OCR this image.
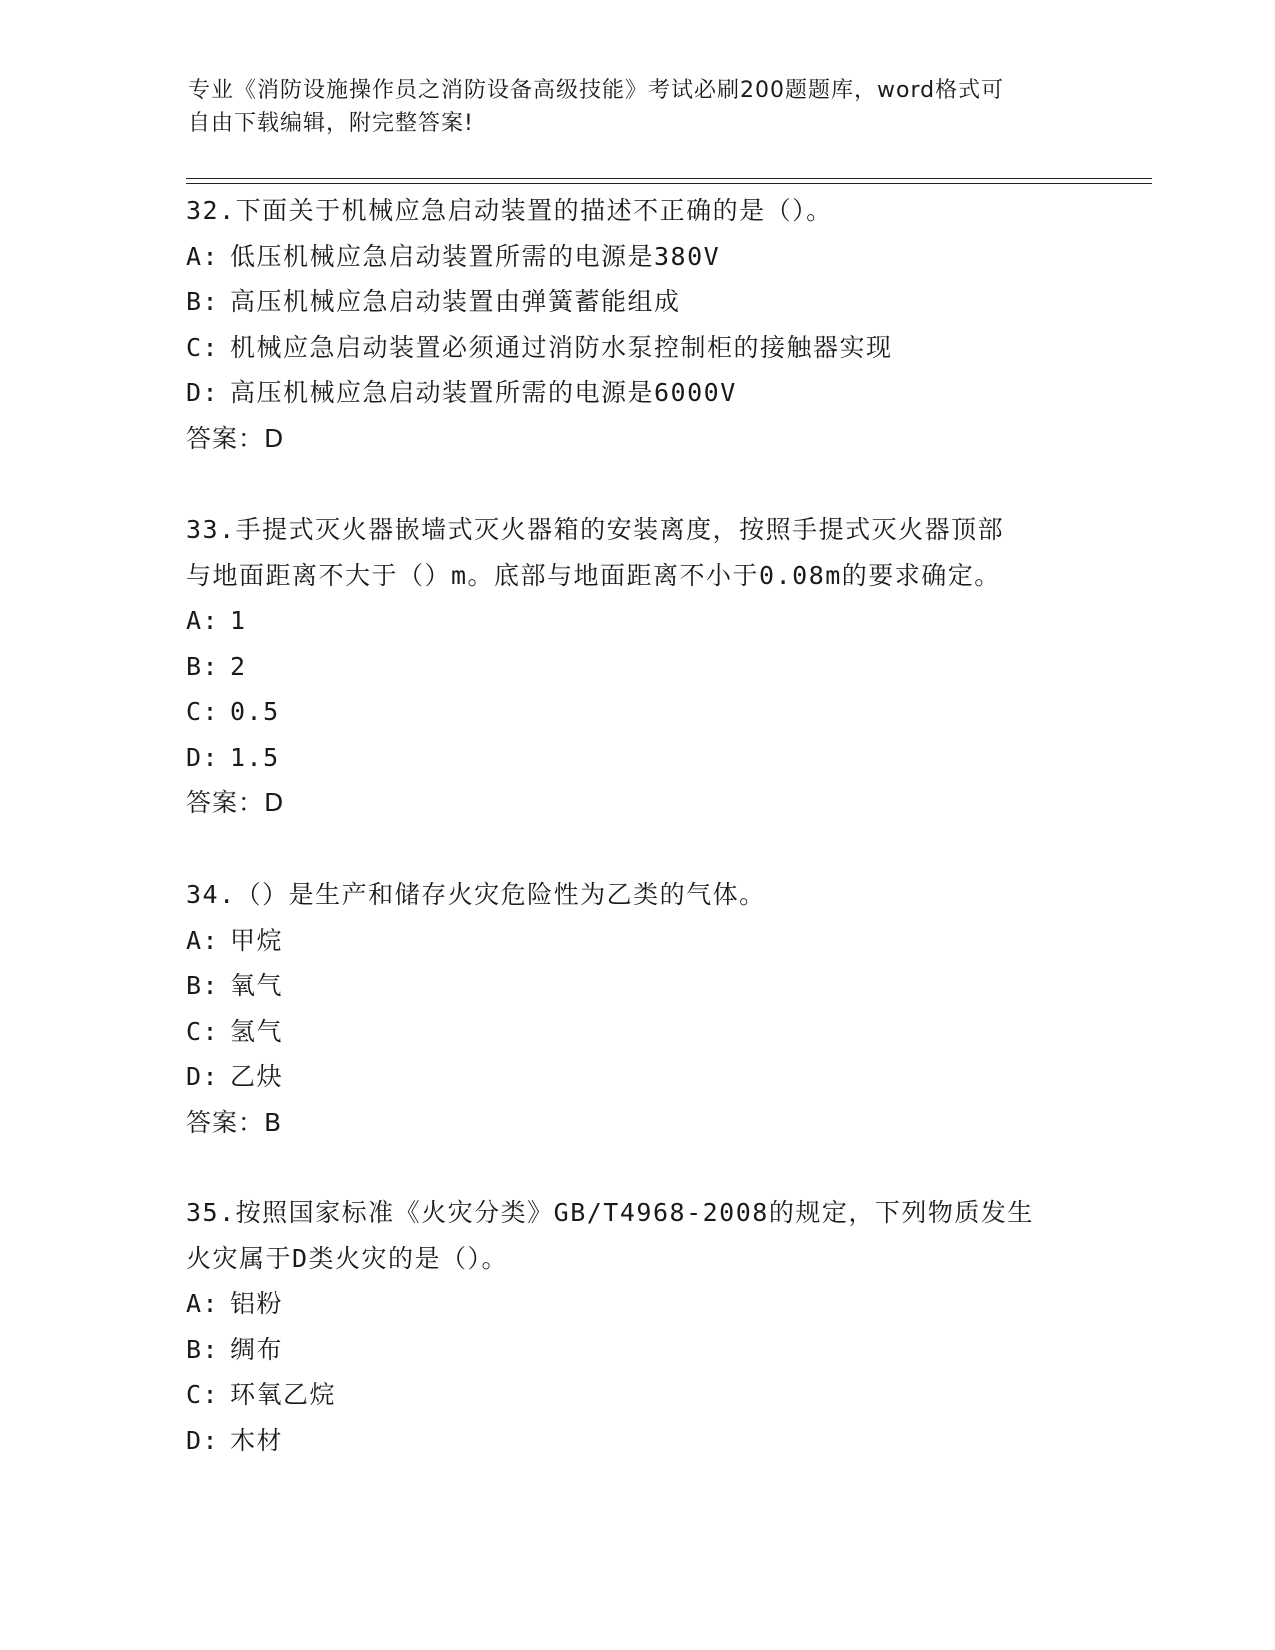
专业《消防设施操作员之消防设备高级技能》考试必刷200题题库，word格式可
自由下载编辑，附完整答案!
32.下面关于机械应急启动装置的描述不正确的是（）。
A: 低压机械应急启动装置所需的电源是380V
B: 高压机械应急启动装置由弹簧蓄能组成
C: 机械应急启动装置必须通过消防水泵控制柜的接触器实现
D: 高压机械应急启动装置所需的电源是6000V
答案：D
33.手提式灭火器嵌墙式灭火器箱的安装离度，按照手提式灭火器顶部
与地面距离不大于（）m。底部与地面距离不小于0.08m的要求确定。
A: 1
B: 2
C: 0.5
D: 1.5
答案：D
34.（）是生产和储存火灾危险性为乙类的气体。
A: 甲烷
B: 氧气
C: 氢气
D: 乙炔
答案：B
35.按照国家标准《火灾分类》GB/T4968-2008的规定，下列物质发生
火灾属于D类火灾的是（）。
A: 铝粉
B: 绸布
C: 环氧乙烷
D: 木材
